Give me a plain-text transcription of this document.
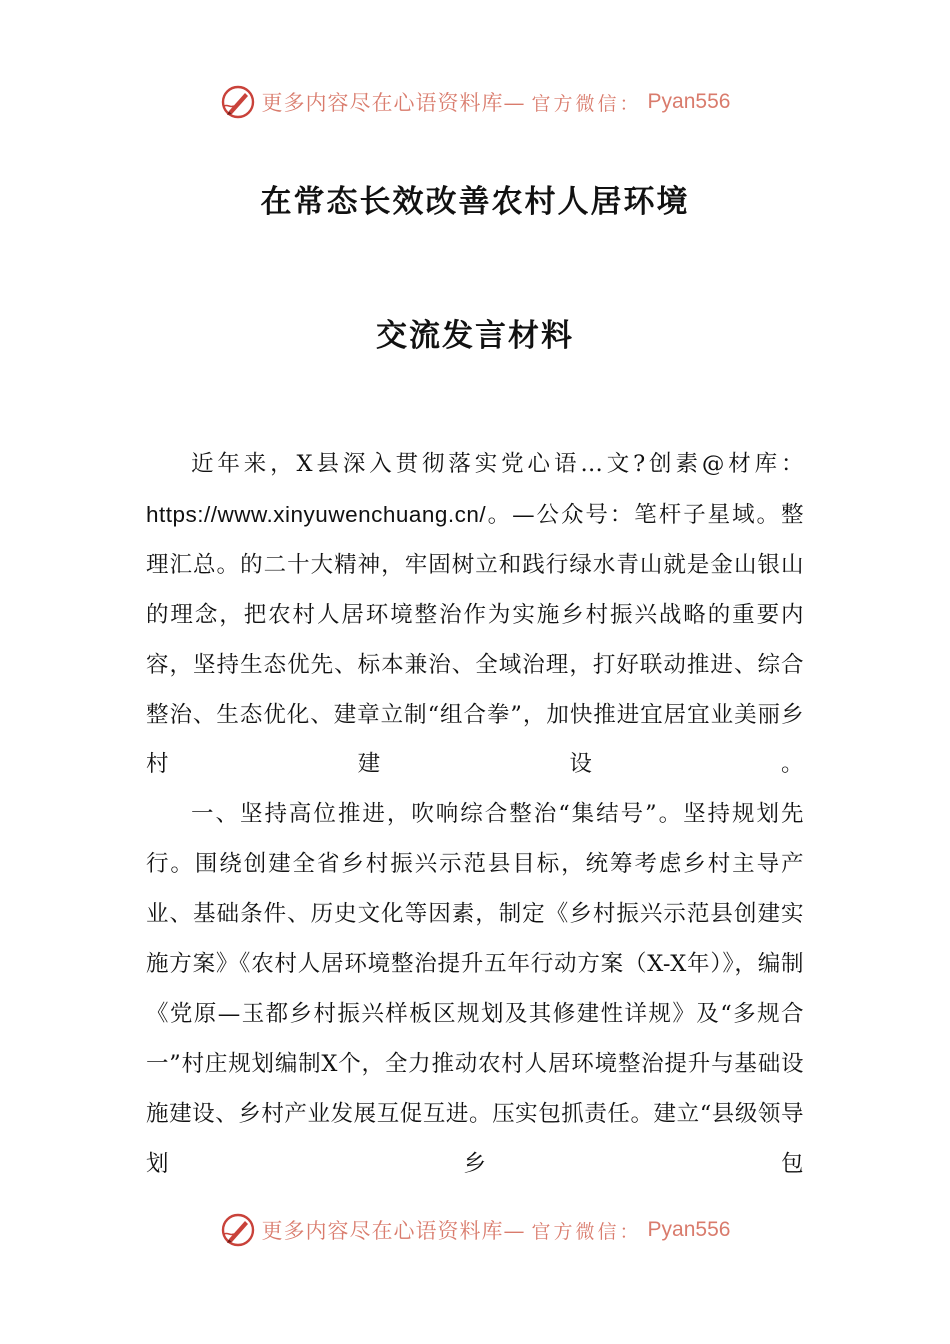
更多内容尽在心语资料库— 官方微信： Pyan556
在常态长效改善农村人居环境
交流发言材料

近年来，X县深入贯彻落实党心语…文?创素@材库：https://www.xinyuwenchuang.cn/。—公众号：笔杆子星域。整理汇总。的二十大精神，牢固树立和践行绿水青山就是金山银山的理念，把农村人居环境整治作为实施乡村振兴战略的重要内容，坚持生态优先、标本兼治、全域治理，打好联动推进、综合整治、生态优化、建章立制“组合拳”，加快推进宜居宜业美丽乡村建设。

一、坚持高位推进，吹响综合整治“集结号”。坚持规划先行。围绕创建全省乡村振兴示范县目标，统筹考虑乡村主导产业、基础条件、历史文化等因素，制定《乡村振兴示范县创建实施方案》《农村人居环境整治提升五年行动方案（X-X年）》，编制《党原—玉都乡村振兴样板区规划及其修建性详规》及“多规合一”村庄规划编制X个，全力推动农村人居环境整治提升与基础设施建设、乡村产业发展互促互进。压实包抓责任。建立“县级领导划乡包

更多内容尽在心语资料库— 官方微信： Pyan556
